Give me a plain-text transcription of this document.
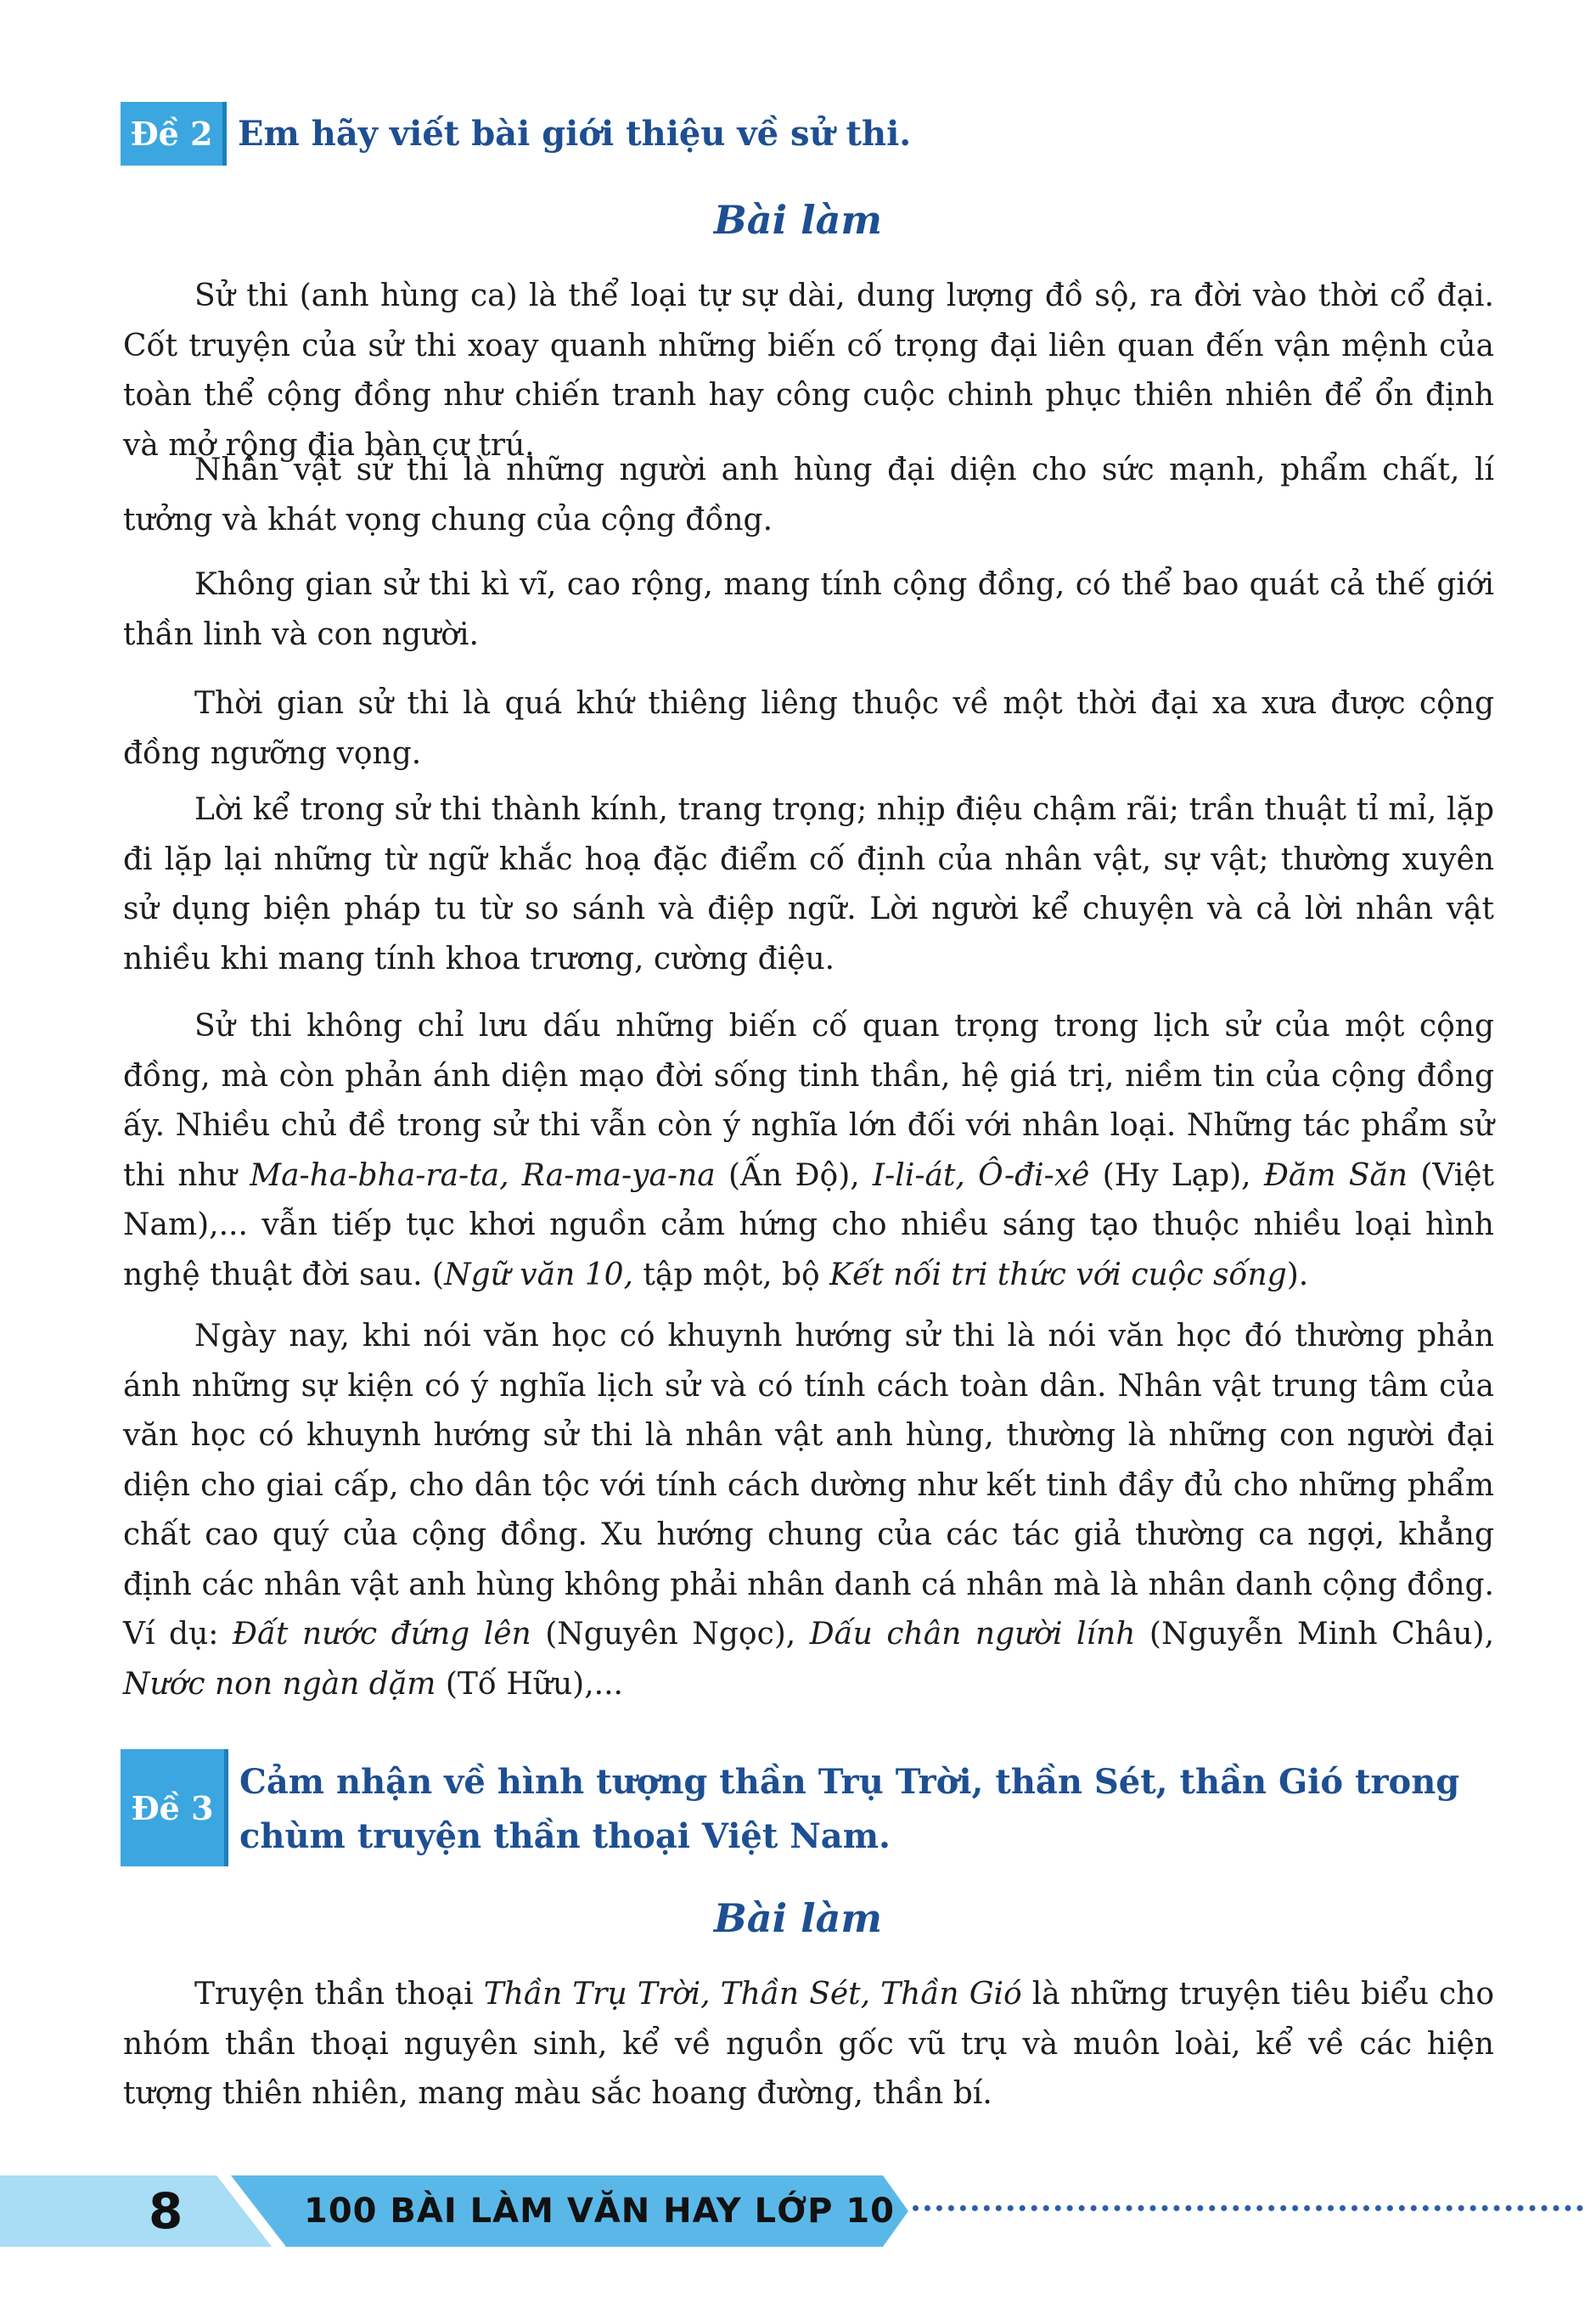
Đề 2 Em hãy viết bài giới thiệu về sử thi.
Bài làm
Sử thi (anh hùng ca) là thể loại tự sự dài, dung lượng đồ sộ, ra đời vào thời cổ đại. Cốt truyện của sử thi xoay quanh những biến cố trọng đại liên quan đến vận mệnh của toàn thể cộng đồng như chiến tranh hay công cuộc chinh phục thiên nhiên để ổn định và mở rộng địa bàn cư trú.
Nhân vật sử thi là những người anh hùng đại diện cho sức mạnh, phẩm chất, lí tưởng và khát vọng chung của cộng đồng.
Không gian sử thi kì vĩ, cao rộng, mang tính cộng đồng, có thể bao quát cả thế giới thần linh và con người.
Thời gian sử thi là quá khứ thiêng liêng thuộc về một thời đại xa xưa được cộng đồng ngưỡng vọng.
Lời kể trong sử thi thành kính, trang trọng; nhịp điệu chậm rãi; trần thuật tỉ mỉ, lặp đi lặp lại những từ ngữ khắc hoạ đặc điểm cố định của nhân vật, sự vật; thường xuyên sử dụng biện pháp tu từ so sánh và điệp ngữ. Lời người kể chuyện và cả lời nhân vật nhiều khi mang tính khoa trương, cường điệu.
Sử thi không chỉ lưu dấu những biến cố quan trọng trong lịch sử của một cộng đồng, mà còn phản ánh diện mạo đời sống tinh thần, hệ giá trị, niềm tin của cộng đồng ấy. Nhiều chủ đề trong sử thi vẫn còn ý nghĩa lớn đối với nhân loại. Những tác phẩm sử thi như Ma-ha-bha-ra-ta, Ra-ma-ya-na (Ấn Độ), I-li-át, Ô-đi-xê (Hy Lạp), Đăm Săn (Việt Nam),... vẫn tiếp tục khơi nguồn cảm hứng cho nhiều sáng tạo thuộc nhiều loại hình nghệ thuật đời sau. (Ngữ văn 10, tập một, bộ Kết nối tri thức với cuộc sống).
Ngày nay, khi nói văn học có khuynh hướng sử thi là nói văn học đó thường phản ánh những sự kiện có ý nghĩa lịch sử và có tính cách toàn dân. Nhân vật trung tâm của văn học có khuynh hướng sử thi là nhân vật anh hùng, thường là những con người đại diện cho giai cấp, cho dân tộc với tính cách dường như kết tinh đầy đủ cho những phẩm chất cao quý của cộng đồng. Xu hướng chung của các tác giả thường ca ngợi, khẳng định các nhân vật anh hùng không phải nhân danh cá nhân mà là nhân danh cộng đồng. Ví dụ: Đất nước đứng lên (Nguyên Ngọc), Dấu chân người lính (Nguyễn Minh Châu), Nước non ngàn dặm (Tố Hữu),...
Đề 3
Cảm nhận về hình tượng thần Trụ Trời, thần Sét, thần Gió trong chùm truyện thần thoại Việt Nam.
Bài làm
Truyện thần thoại Thần Trụ Trời, Thần Sét, Thần Gió là những truyện tiêu biểu cho nhóm thần thoại nguyên sinh, kể về nguồn gốc vũ trụ và muôn loài, kể về các hiện tượng thiên nhiên, mang màu sắc hoang đường, thần bí.
8	100 BÀI LÀM VĂN HAY LỚP 10
